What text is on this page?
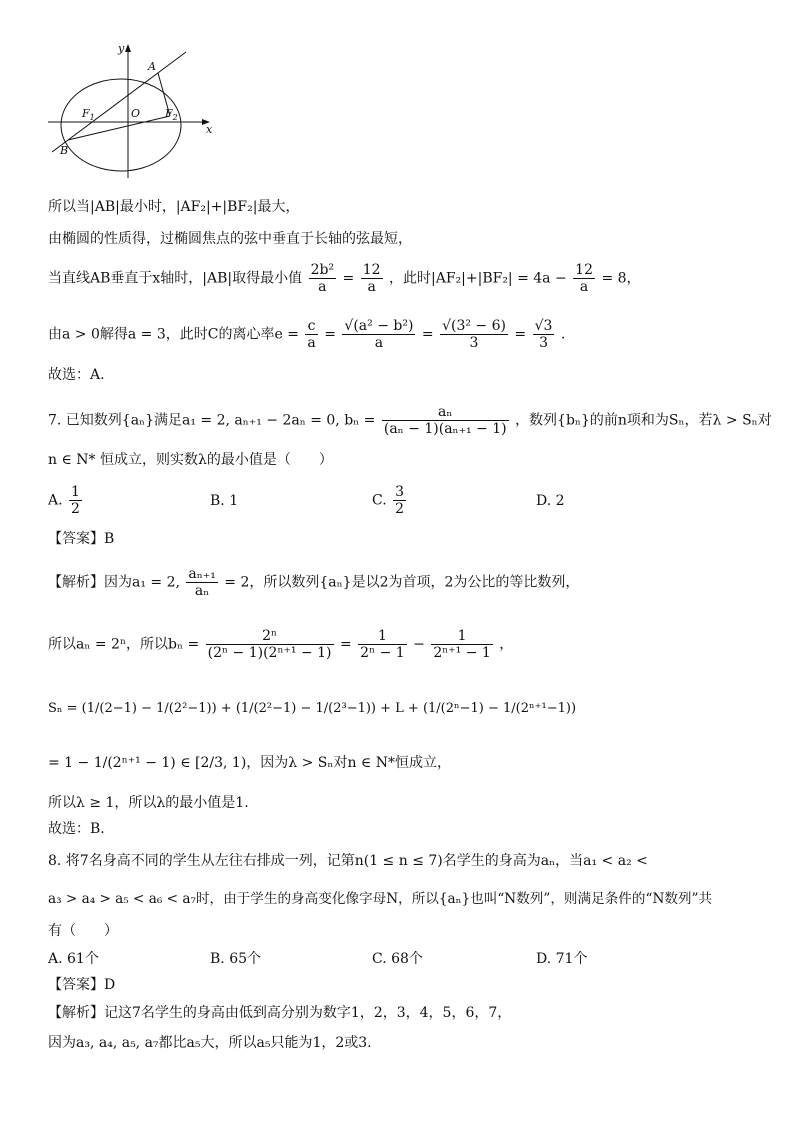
y
x
A
B
O
$F_1$	$F_2$
所以当|AB|最小时，|AF₂|+|BF₂|最大，
由椭圆的性质得，过椭圆焦点的弦中垂直于长轴的弦最短，
当直线AB垂直于x轴时，|AB|取得最小值 $\frac{\text{2b²}}{a} = \frac{12}{a}$ ，此时$|AF_2|+|BF_2| = 4a - \frac{12}{a} = 8$，
由a > 0解得a = 3，此时C的离心率$e = \frac{c}{a} = \frac{\text{√(a² − b²)}}{a} = \frac{\text{√(3² − 6)}}{3} = \frac{√3}{3}$ .
故选：A.
7. 已知数列{aₙ}满足a₁ = 2, aₙ₊₁ − 2aₙ = 0, $b_n = \frac{\text{aₙ}}{\text{(aₙ − 1)(aₙ₊₁ − 1)}}$ ，数列{bₙ}的前n项和为Sₙ，若λ > Sₙ对
n ∈ N* 恒成立，则实数λ的最小值是（　　）
A. $\frac{1}{2}$	B. 1	C. $\frac{3}{2}$	D. 2
【答案】B
【解析】因为a₁ = 2, $\frac{\text{aₙ₊₁}}{\text{aₙ}} = 2$，所以数列{aₙ}是以2为首项，2为公比的等比数列，
所以aₙ = 2ⁿ，所以$b_n = \frac{\text{2ⁿ}}{\text{(2ⁿ − 1)(2ⁿ⁺¹ − 1)}} = \frac{1}{\text{2ⁿ − 1}} - \frac{1}{\text{2ⁿ⁺¹ − 1}}$ ，
Sₙ = (1/(2−1) − 1/(2²−1)) + (1/(2²−1) − 1/(2³−1)) + L + (1/(2ⁿ−1) − 1/(2ⁿ⁺¹−1))
= 1 − 1/(2ⁿ⁺¹ − 1) ∈ [2/3, 1)，因为λ > Sₙ对n ∈ N*恒成立，
所以λ ≥ 1，所以λ的最小值是1.
故选：B.
8. 将7名身高不同的学生从左往右排成一列，记第n(1 ≤ n ≤ 7)名学生的身高为aₙ，当a₁ < a₂ <
a₃ > a₄ > a₅ < a₆ < a₇时，由于学生的身高变化像字母N，所以{aₙ}也叫“N数列”，则满足条件的“N数列”共
有（　　）
A. 61个	B. 65个	C. 68个	D. 71个
【答案】D
【解析】记这7名学生的身高由低到高分别为数字1，2，3，4，5，6，7，
因为a₃, a₄, a₅, a₇都比a₅大，所以a₅只能为1，2或3.
